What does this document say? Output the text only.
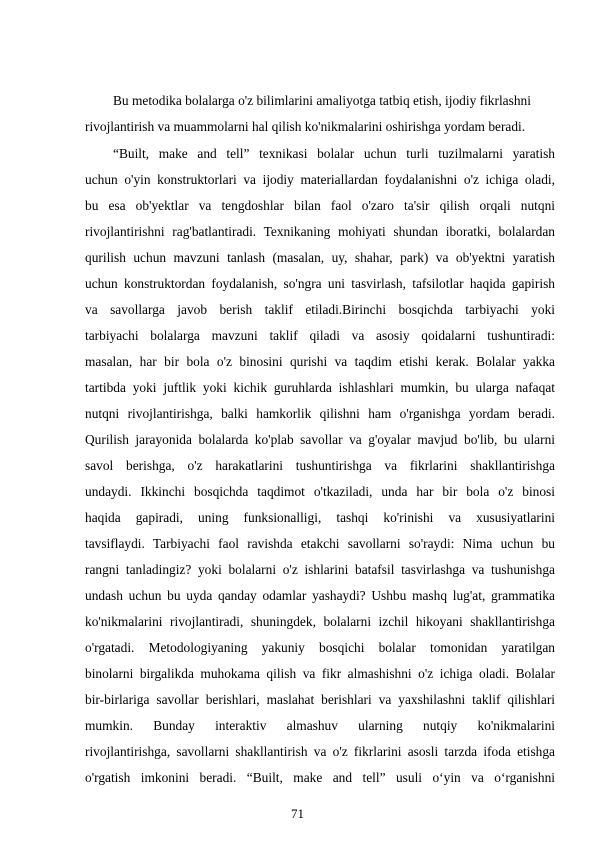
Bu metodika bolalarga o'z bilimlarini amaliyotga tatbiq etish, ijodiy fikrlashni
rivojlantirish va muammolarni hal qilish ko'nikmalarini oshirishga yordam beradi.
“Built, make and tell” texnikasi bolalar uchun turli tuzilmalarni yaratish
uchun o'yin konstruktorlari va ijodiy materiallardan foydalanishni o'z ichiga oladi,
bu esa ob'yektlar va tengdoshlar bilan faol o'zaro ta'sir qilish orqali nutqni
rivojlantirishni rag'batlantiradi. Texnikaning mohiyati shundan iboratki, bolalardan
qurilish uchun mavzuni tanlash (masalan, uy, shahar, park) va ob'yektni yaratish
uchun konstruktordan foydalanish, so'ngra uni tasvirlash, tafsilotlar haqida gapirish
va savollarga javob berish taklif etiladi.Birinchi bosqichda tarbiyachi yoki
tarbiyachi bolalarga mavzuni taklif qiladi va asosiy qoidalarni tushuntiradi:
masalan, har bir bola o'z binosini qurishi va taqdim etishi kerak. Bolalar yakka
tartibda yoki juftlik yoki kichik guruhlarda ishlashlari mumkin, bu ularga nafaqat
nutqni rivojlantirishga, balki hamkorlik qilishni ham o'rganishga yordam beradi.
Qurilish jarayonida bolalarda ko'plab savollar va g'oyalar mavjud bo'lib, bu ularni
savol berishga, o'z harakatlarini tushuntirishga va fikrlarini shakllantirishga
undaydi. Ikkinchi bosqichda taqdimot o'tkaziladi, unda har bir bola o'z binosi
haqida gapiradi, uning funksionalligi, tashqi ko'rinishi va xususiyatlarini
tavsiflaydi. Tarbiyachi faol ravishda etakchi savollarni so'raydi: Nima uchun bu
rangni tanladingiz? yoki bolalarni o'z ishlarini batafsil tasvirlashga va tushunishga
undash uchun bu uyda qanday odamlar yashaydi? Ushbu mashq lug'at, grammatika
ko'nikmalarini rivojlantiradi, shuningdek, bolalarni izchil hikoyani shakllantirishga
o'rgatadi. Metodologiyaning yakuniy bosqichi bolalar tomonidan yaratilgan
binolarni birgalikda muhokama qilish va fikr almashishni o'z ichiga oladi. Bolalar
bir-birlariga savollar berishlari, maslahat berishlari va yaxshilashni taklif qilishlari
mumkin. Bunday interaktiv almashuv ularning nutqiy ko'nikmalarini
rivojlantirishga, savollarni shakllantirish va o'z fikrlarini asosli tarzda ifoda etishga
o'rgatish imkonini beradi. “Built, make and tell” usuli o‘yin va o‘rganishni
71
